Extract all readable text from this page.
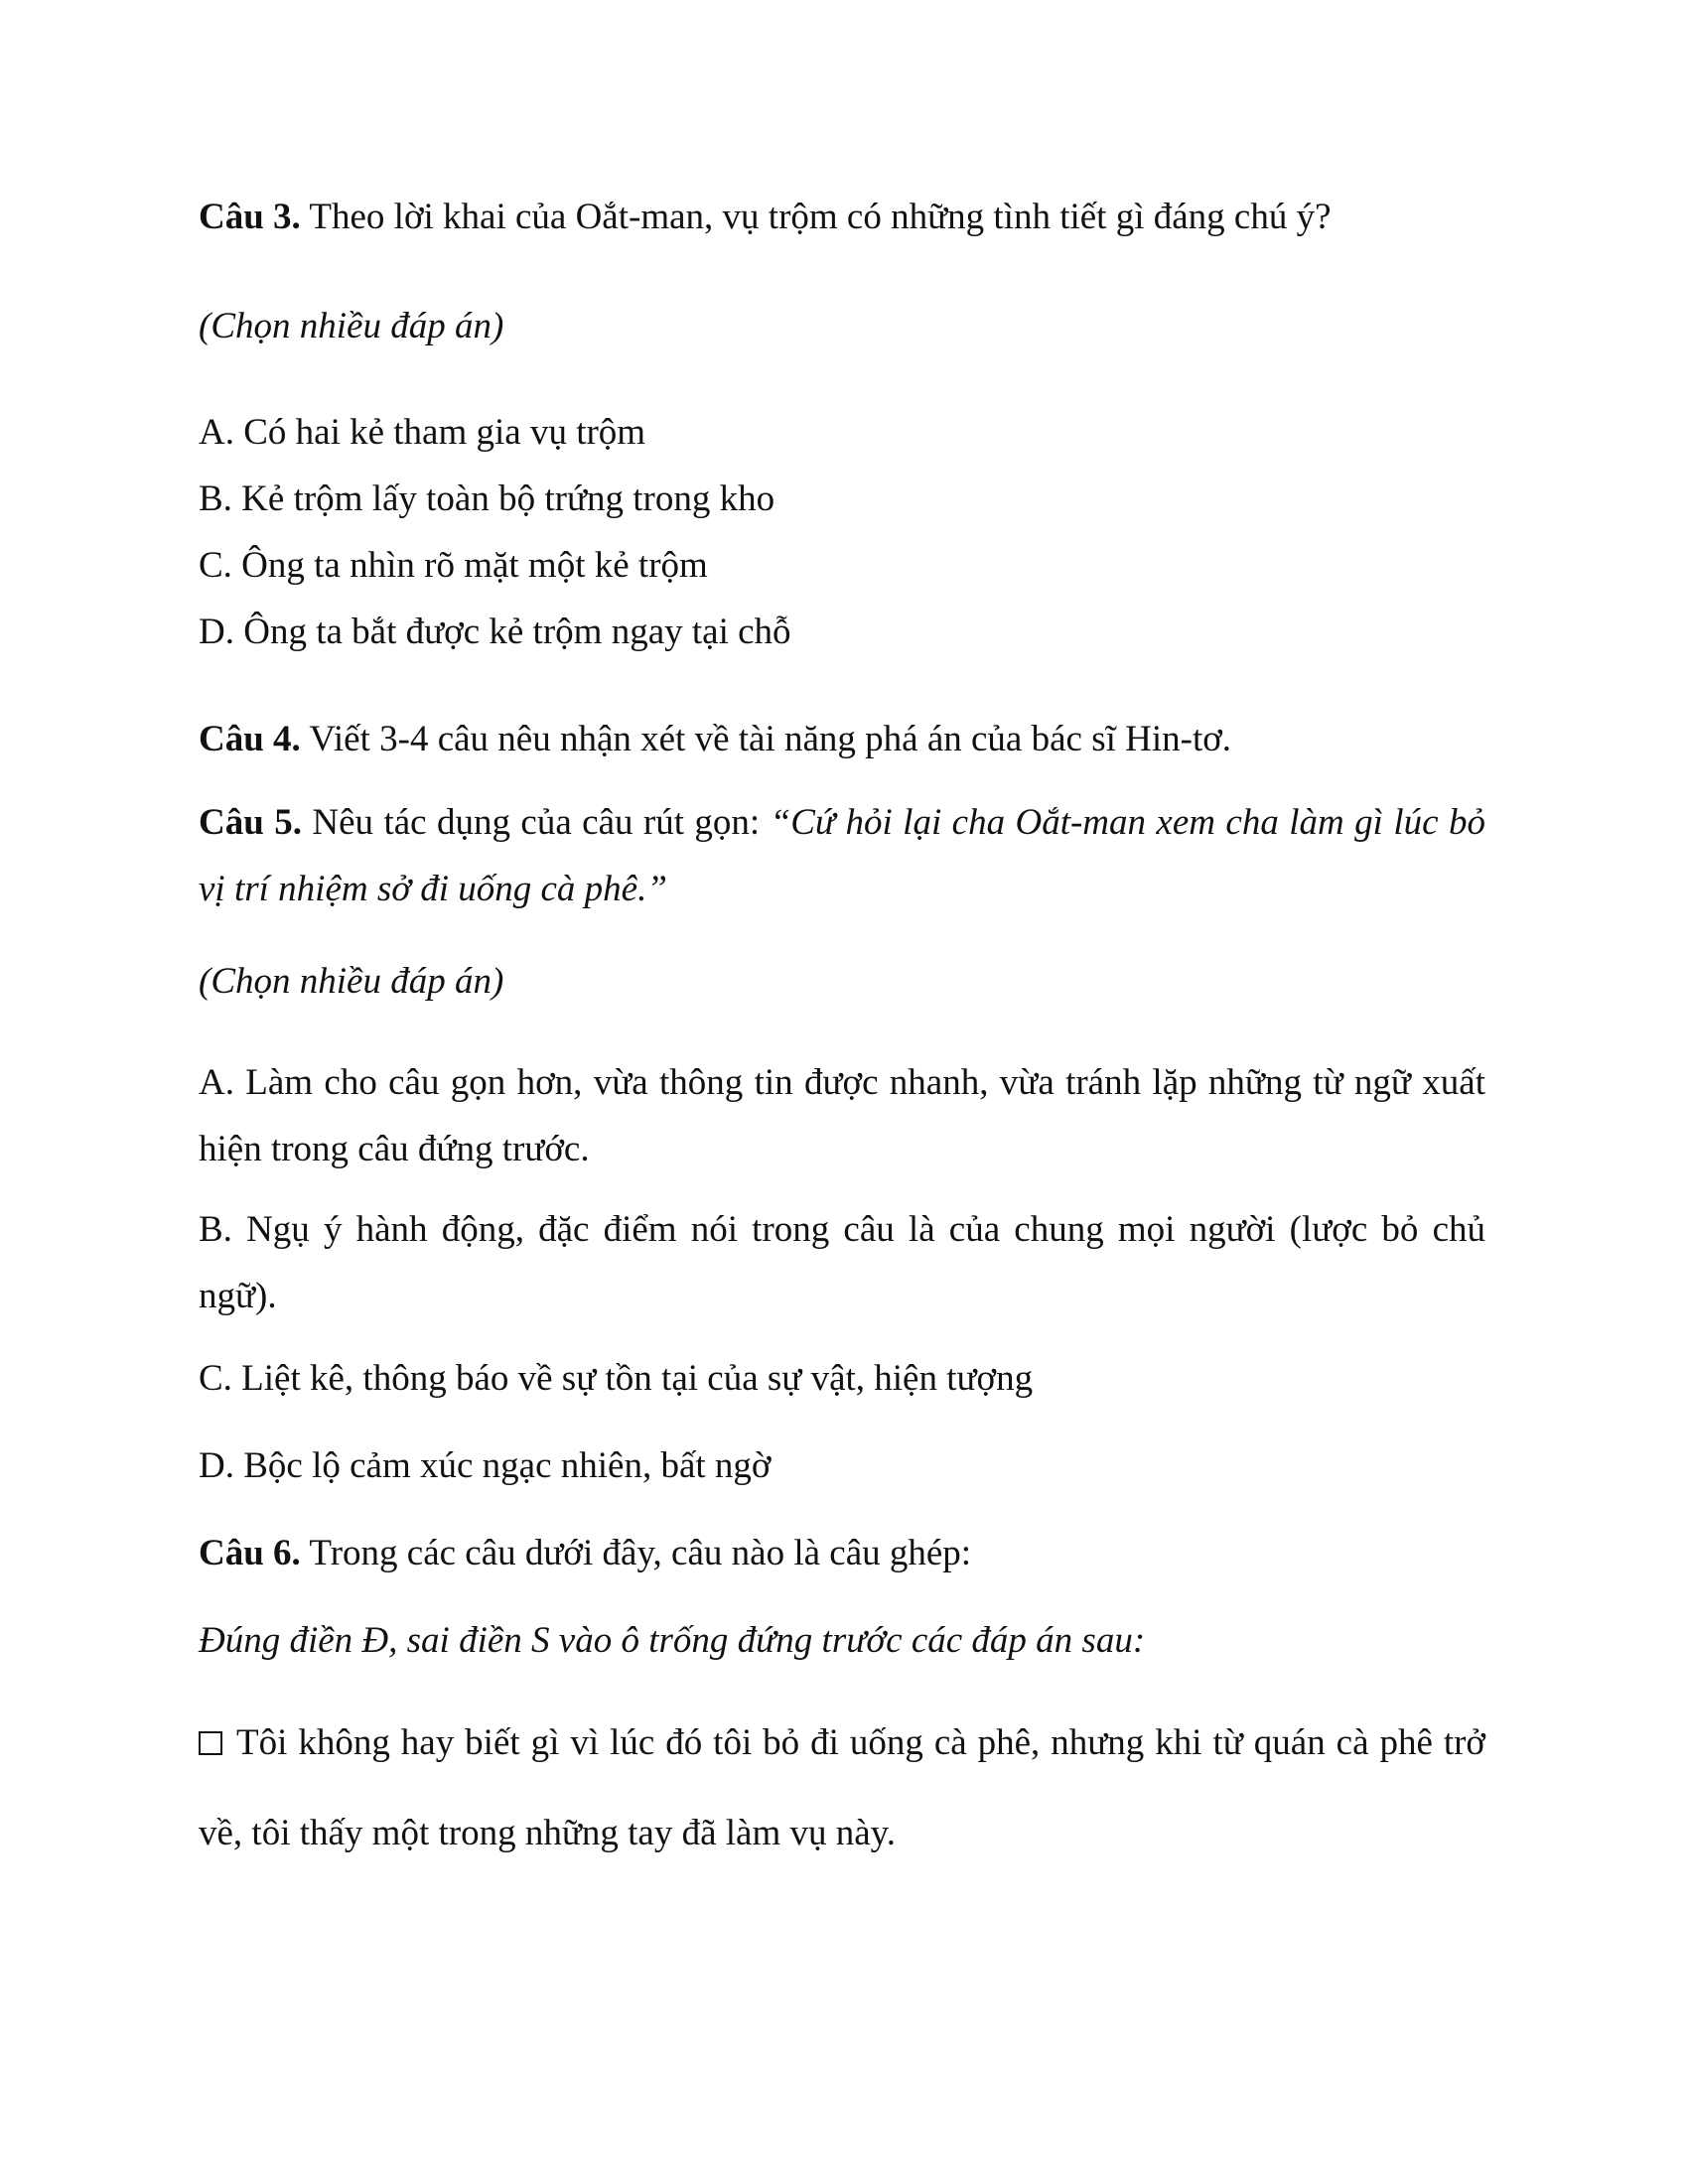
Câu 3. Theo lời khai của Oắt-man, vụ trộm có những tình tiết gì đáng chú ý?
(Chọn nhiều đáp án)
A. Có hai kẻ tham gia vụ trộm
B. Kẻ trộm lấy toàn bộ trứng trong kho
C. Ông ta nhìn rõ mặt một kẻ trộm
D. Ông ta bắt được kẻ trộm ngay tại chỗ
Câu 4. Viết 3-4 câu nêu nhận xét về tài năng phá án của bác sĩ Hin-tơ.
Câu 5. Nêu tác dụng của câu rút gọn: “Cứ hỏi lại cha Oắt-man xem cha làm gì lúc bỏ vị trí nhiệm sở đi uống cà phê.”
(Chọn nhiều đáp án)
A. Làm cho câu gọn hơn, vừa thông tin được nhanh, vừa tránh lặp những từ ngữ xuất hiện trong câu đứng trước.
B. Ngụ ý hành động, đặc điểm nói trong câu là của chung mọi người (lược bỏ chủ ngữ).
C. Liệt kê, thông báo về sự tồn tại của sự vật, hiện tượng
D. Bộc lộ cảm xúc ngạc nhiên, bất ngờ
Câu 6. Trong các câu dưới đây, câu nào là câu ghép:
Đúng điền Đ, sai điền S vào ô trống đứng trước các đáp án sau:
Tôi không hay biết gì vì lúc đó tôi bỏ đi uống cà phê, nhưng khi từ quán cà phê trở về, tôi thấy một trong những tay đã làm vụ này.
